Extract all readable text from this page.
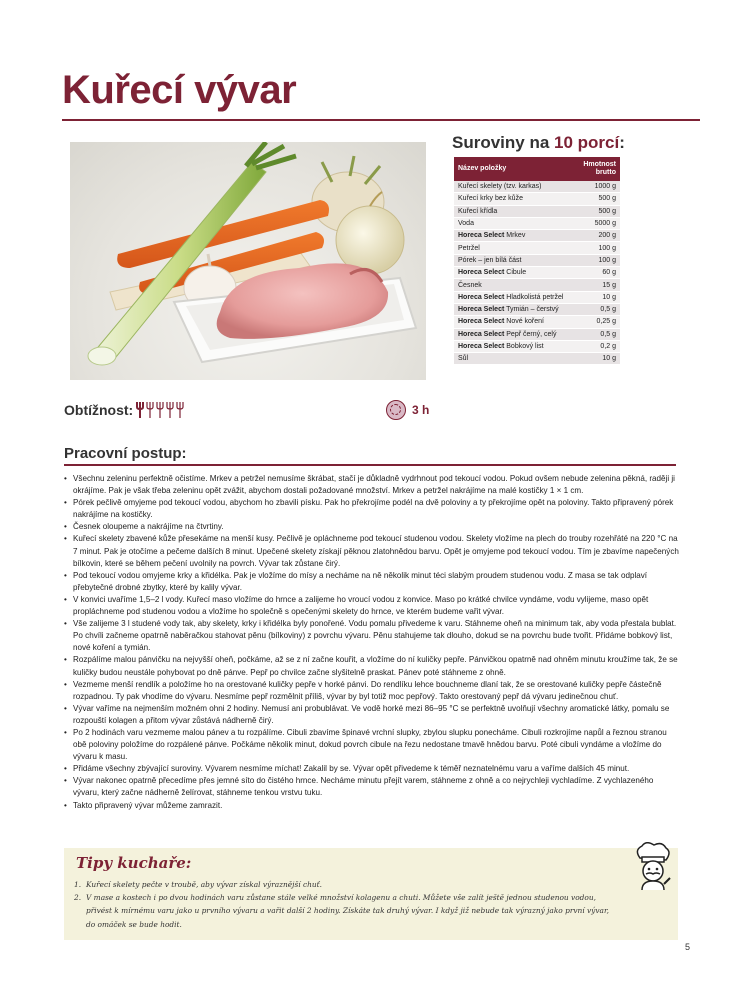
Kuřecí vývar
Suroviny na 10 porcí:
Název položky	Hmotnost
brutto
Kuřecí skelety (tzv. karkas)	1000 g
Kuřecí krky bez kůže	500 g
Kuřecí křídla	500 g
Voda	5000 g
Horeca Select Mrkev	200 g
Petržel	100 g
Pórek – jen bílá část	100 g
Horeca Select Cibule	60 g
Česnek	15 g
Horeca Select Hladkolistá petržel	10 g
Horeca Select Tymián – čerstvý	0,5 g
Horeca Select Nové koření	0,25 g
Horeca Select Pepř černý, celý	0,5 g
Horeca Select Bobkový list	0,2 g
Sůl	10 g
Obtížnost:	3 h
Pracovní postup:
• Všechnu zeleninu perfektně očistíme. Mrkev a petržel nemusíme škrábat, stačí je důkladně vydrhnout pod tekoucí vodou. Pokud ovšem nebude zelenina pěkná, raději ji okrájíme. Pak je však třeba zeleninu opět zvážit, abychom dostali požadované množství. Mrkev a petržel nakrájíme na malé kostičky 1 × 1 cm.
• Pórek pečlivě omyjeme pod tekoucí vodou, abychom ho zbavili písku. Pak ho překrojíme podél na dvě poloviny a ty překrojíme opět na poloviny. Takto připravený pórek nakrájíme na kostičky.
• Česnek oloupeme a nakrájíme na čtvrtiny.
• Kuřecí skelety zbavené kůže přesekáme na menší kusy. Pečlivě je opláchneme pod tekoucí studenou vodou. Skelety vložíme na plech do trouby rozehřáté na 220 °C na 7 minut. Pak je otočíme a pečeme dalších 8 minut. Upečené skelety získají pěknou zlatohnědou barvu. Opět je omyjeme pod tekoucí vodou. Tím je zbavíme napečených bílkovin, které se během pečení uvolnily na povrch. Vývar tak zůstane čirý.
• Pod tekoucí vodou omyjeme krky a křidélka. Pak je vložíme do mísy a necháme na ně několik minut téci slabým proudem studenou vodu. Z masa se tak odplaví přebytečné drobné zbytky, které by kalily vývar.
• V konvici uvaříme 1,5–2 l vody. Kuřecí maso vložíme do hrnce a zalijeme ho vroucí vodou z konvice. Maso po krátké chvilce vyndáme, vodu vylijeme, maso opět propláchneme pod studenou vodou a vložíme ho společně s opečenými skelety do hrnce, ve kterém budeme vařit vývar.
• Vše zalijeme 3 l studené vody tak, aby skelety, krky i křidélka byly ponořené. Vodu pomalu přivedeme k varu. Stáhneme oheň na minimum tak, aby voda přestala bublat. Po chvíli začneme opatrně naběračkou stahovat pěnu (bílkoviny) z povrchu vývaru. Pěnu stahujeme tak dlouho, dokud se na povrchu bude tvořit. Přidáme bobkový list, nové koření a tymián.
• Rozpálíme malou pánvičku na nejvyšší oheň, počkáme, až se z ní začne kouřit, a vložíme do ní kuličky pepře. Pánvičkou opatrně nad ohněm minutu kroužíme tak, že se kuličky budou neustále pohybovat po dně pánve. Pepř po chvilce začne slyšitelně praskat. Pánev poté stáhneme z ohně.
• Vezmeme menší rendlík a položíme ho na orestované kuličky pepře v horké pánvi. Do rendlíku lehce bouchneme dlaní tak, že se orestované kuličky pepře částečně rozpadnou. Ty pak vhodíme do vývaru. Nesmíme pepř rozmělnit příliš, vývar by byl totiž moc pepřový. Takto orestovaný pepř dá vývaru jedinečnou chuť.
• Vývar vaříme na nejmenším možném ohni 2 hodiny. Nemusí ani probublávat. Ve vodě horké mezi 86–95 °C se perfektně uvolňují všechny aromatické látky, pomalu se rozpouští kolagen a přitom vývar zůstává nádherně čirý.
• Po 2 hodinách varu vezmeme malou pánev a tu rozpálíme. Cibuli zbavíme špinavé vrchní slupky, zbylou slupku ponecháme. Cibuli rozkrojíme napůl a řeznou stranou obě poloviny položíme do rozpálené pánve. Počkáme několik minut, dokud povrch cibule na řezu nedostane tmavě hnědou barvu. Poté cibuli vyndáme a vložíme do vývaru k masu.
• Přidáme všechny zbývající suroviny. Vývarem nesmíme míchat! Zakalil by se. Vývar opět přivedeme k téměř neznatelnému varu a vaříme dalších 45 minut.
• Vývar nakonec opatrně přecedíme přes jemné síto do čistého hrnce. Necháme minutu přejít varem, stáhneme z ohně a co nejrychleji vychladíme. Z vychlazeného vývaru, který začne nádherně želírovat, stáhneme tenkou vrstvu tuku.
• Takto připravený vývar můžeme zamrazit.
Tipy kuchaře:
1. Kuřecí skelety pečte v troubě, aby vývar získal výraznější chuť.
2. V mase a kostech i po dvou hodinách varu zůstane stále velké množství kolagenu a chuti. Můžete vše zalít ještě jednou studenou vodou, přivést k mírnému varu jako u prvního vývaru a vařit další 2 hodiny. Získáte tak druhý vývar. I když již nebude tak výrazný jako první vývar, do omáček se bude hodit.
5
